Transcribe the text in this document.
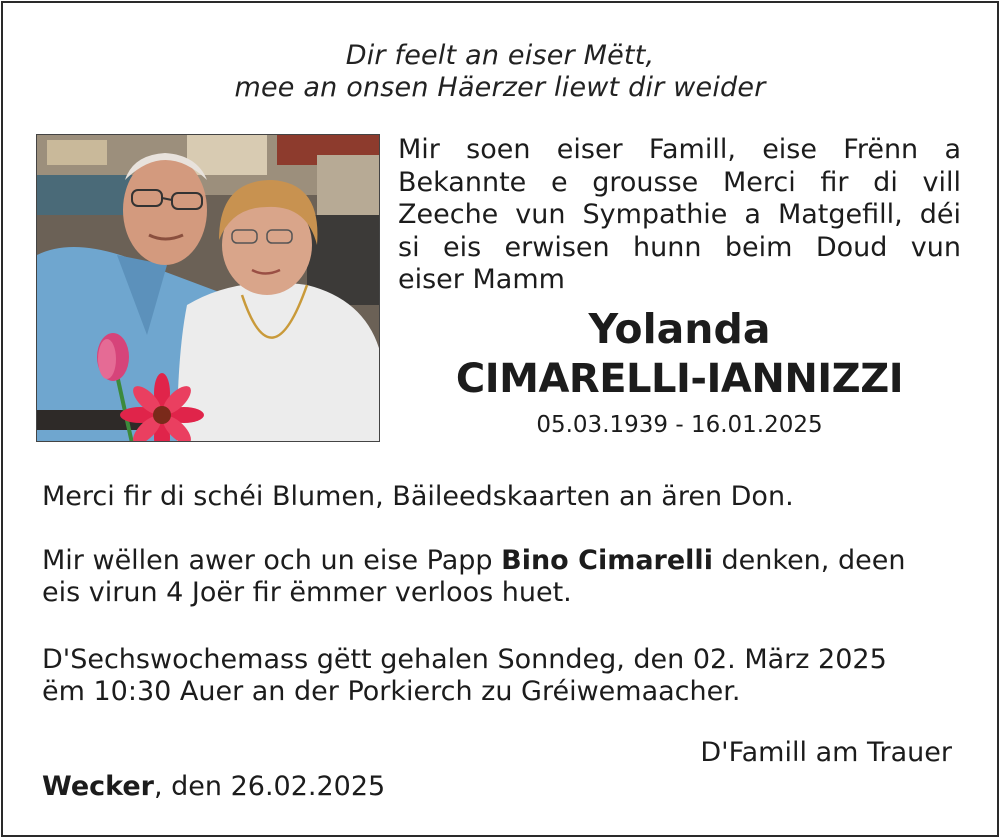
Dir feelt an eiser Mëtt,
mee an onsen Häerzer liewt dir weider
Mir soen eiser Famill, eise Frënn a
Bekannte e grousse Merci fir di vill
Zeeche vun Sympathie a Matgefill, déi
si eis erwisen hunn beim Doud vun
eiser Mamm
Yolanda
CIMARELLI-IANNIZZI
05.03.1939 - 16.01.2025
Merci fir di schéi Blumen, Bäileedskaarten an ären Don.
Mir wëllen awer och un eise Papp Bino Cimarelli denken, deen
eis virun 4 Joër fir ëmmer verloos huet.
D'Sechswochemass gëtt gehalen Sonndeg, den 02. März 2025
ëm 10:30 Auer an der Porkierch zu Gréiwemaacher.
D'Famill am Trauer
Wecker, den 26.02.2025
